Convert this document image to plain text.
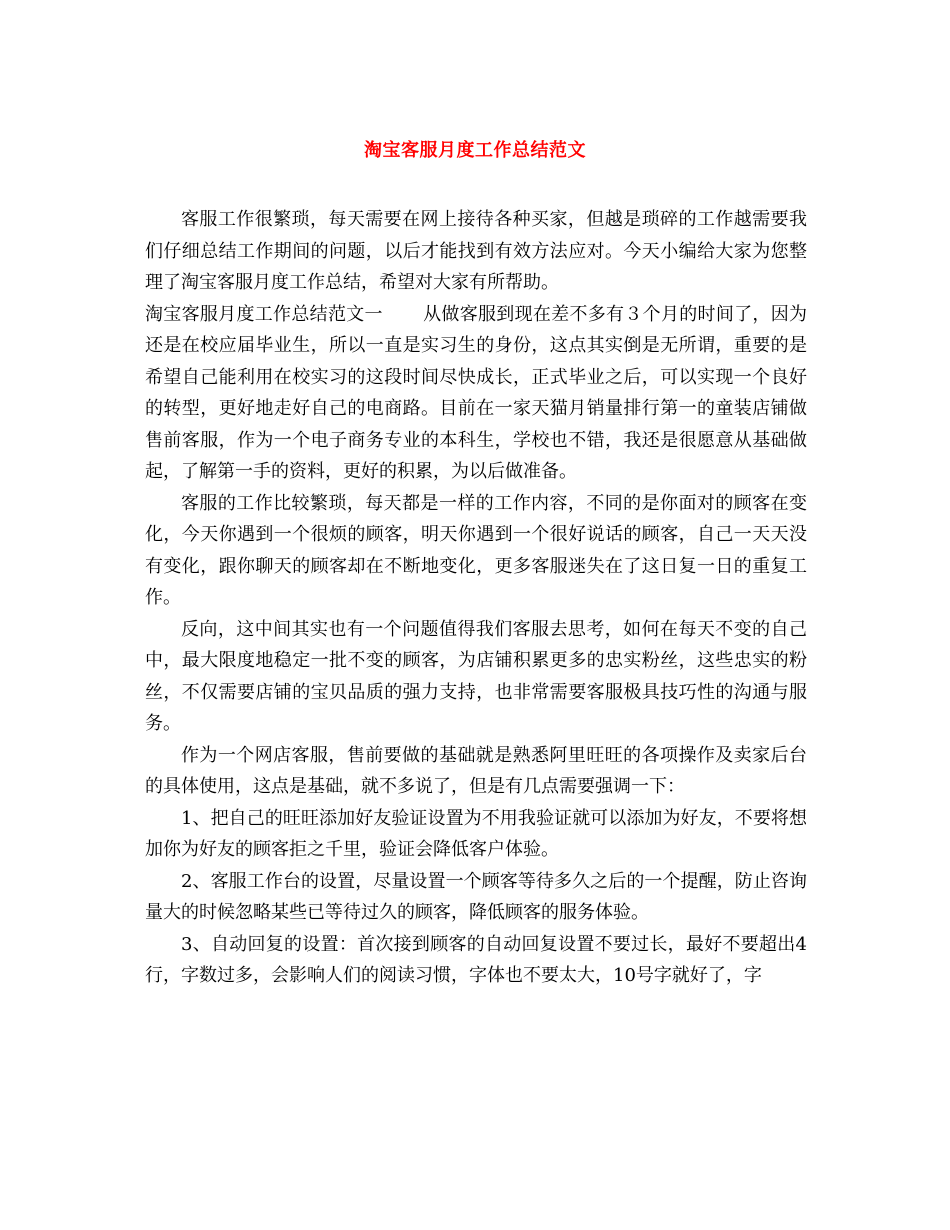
淘宝客服月度工作总结范文

客服工作很繁琐，每天需要在网上接待各种买家，但越是琐碎的工作越需要我们仔细总结工作期间的问题，以后才能找到有效方法应对。今天小编给大家为您整理了淘宝客服月度工作总结，希望对大家有所帮助。

淘宝客服月度工作总结范文一 从做客服到现在差不多有３个月的时间了，因为还是在校应届毕业生，所以一直是实习生的身份，这点其实倒是无所谓，重要的是希望自己能利用在校实习的这段时间尽快成长，正式毕业之后，可以实现一个良好的转型，更好地走好自己的电商路。目前在一家天猫月销量排行第一的童装店铺做售前客服，作为一个电子商务专业的本科生，学校也不错，我还是很愿意从基础做起，了解第一手的资料，更好的积累，为以后做准备。

客服的工作比较繁琐，每天都是一样的工作内容，不同的是你面对的顾客在变化，今天你遇到一个很烦的顾客，明天你遇到一个很好说话的顾客，自己一天天没有变化，跟你聊天的顾客却在不断地变化，更多客服迷失在了这日复一日的重复工作。

反向，这中间其实也有一个问题值得我们客服去思考，如何在每天不变的自己中，最大限度地稳定一批不变的顾客，为店铺积累更多的忠实粉丝，这些忠实的粉丝，不仅需要店铺的宝贝品质的强力支持，也非常需要客服极具技巧性的沟通与服务。

作为一个网店客服，售前要做的基础就是熟悉阿里旺旺的各项操作及卖家后台的具体使用，这点是基础，就不多说了，但是有几点需要强调一下：

1、把自己的旺旺添加好友验证设置为不用我验证就可以添加为好友，不要将想加你为好友的顾客拒之千里，验证会降低客户体验。

2、客服工作台的设置，尽量设置一个顾客等待多久之后的一个提醒，防止咨询量大的时候忽略某些已等待过久的顾客，降低顾客的服务体验。

3、自动回复的设置：首次接到顾客的自动回复设置不要过长，最好不要超出4行，字数过多，会影响人们的阅读习惯，字体也不要太大，10号字就好了，字
